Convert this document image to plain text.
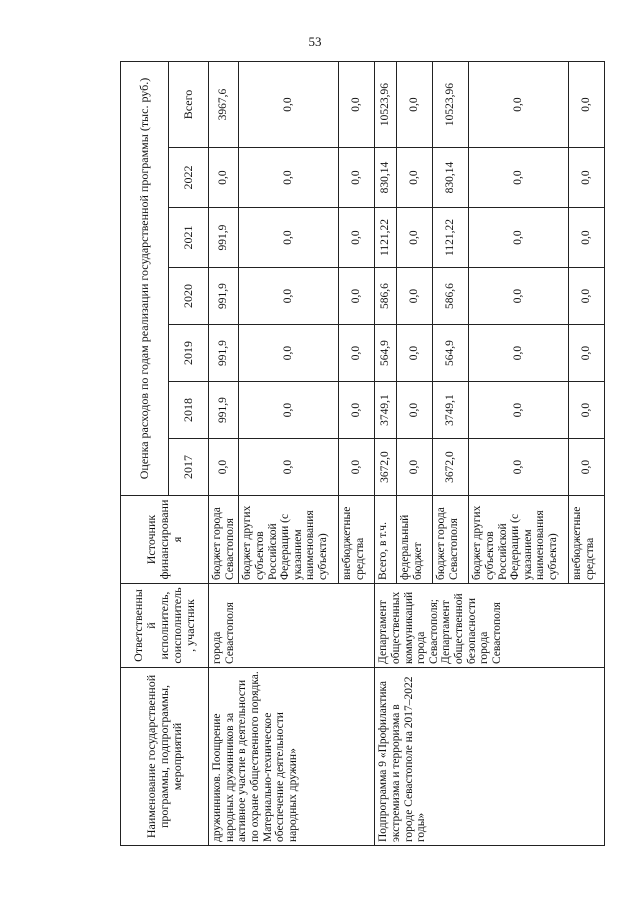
53
Наименование государственной программы, подпрограммы, мероприятий	Ответственный исполнитель, соисполнитель, участник	Источник финансирования	Оценка расходов по годам реализации государственной программы (тыс. руб.)						
			2017	2018	2019	2020	2021	2022	Всего
дружинников. Поощрение народных дружинников за активное участие в деятельности по охране общественного порядка. Материально-техническое обеспечение деятельности народных дружин»	города Севастополя	бюджет города Севастополя	0,0	991,9	991,9	991,9	991,9	0,0	3967,6
		бюджет других субъектов Российской Федерации (с указанием наименования субъекта)	0,0	0,0	0,0	0,0	0,0	0,0	0,0
		внебюджетные средства	0,0	0,0	0,0	0,0	0,0	0,0	0,0
Подпрограмма 9 «Профилактика экстремизма и терроризма в городе Севастополе на 2017–2022 годы»	Департамент общественных коммуникаций города Севастополя; Департамент общественной безопасности города Севастополя	Всего, в т.ч.	3672,0	3749,1	564,9	586,6	1121,22	830,14	10523,96
		федеральный бюджет	0,0	0,0	0,0	0,0	0,0	0,0	0,0
		бюджет города Севастополя	3672,0	3749,1	564,9	586,6	1121,22	830,14	10523,96
		бюджет других субъектов Российской Федерации (с указанием наименования субъекта)	0,0	0,0	0,0	0,0	0,0	0,0	0,0
		внебюджетные средства	0,0	0,0	0,0	0,0	0,0	0,0	0,0
